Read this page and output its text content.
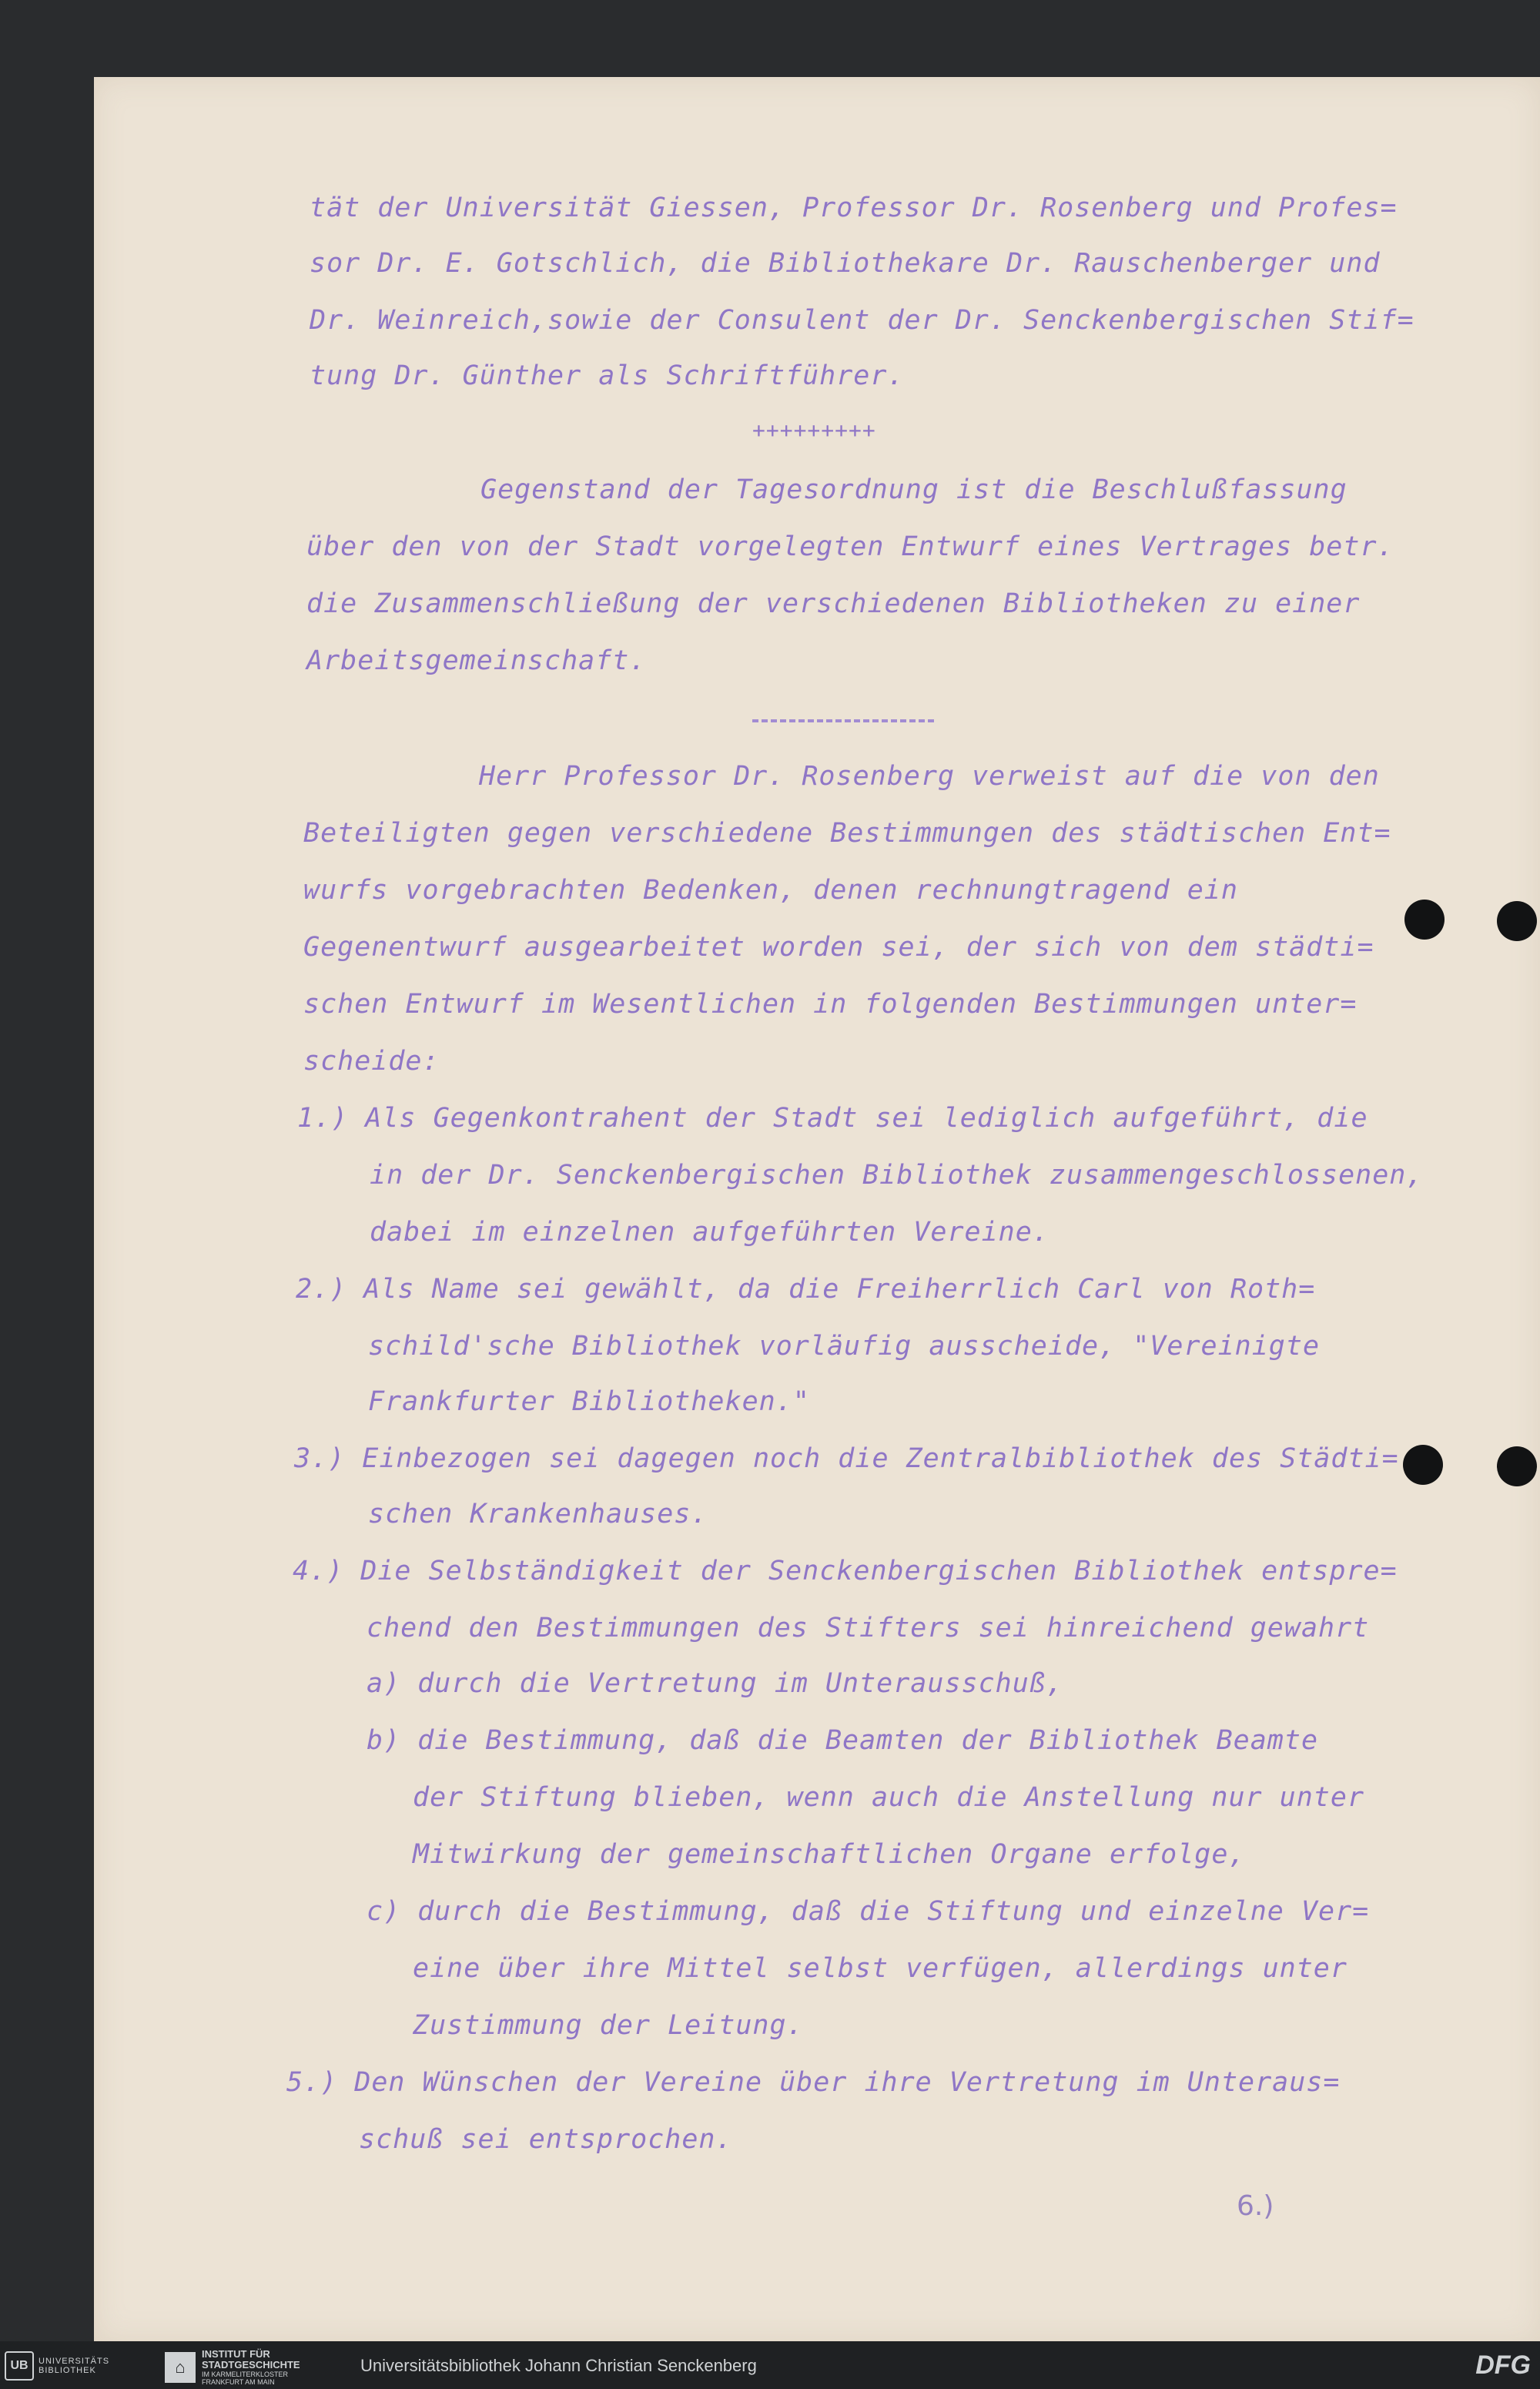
tät der Universität Giessen, Professor Dr. Rosenberg und Profes=
sor Dr. E. Gotschlich, die Bibliothekare Dr. Rauschenberger und
Dr. Weinreich,sowie der Consulent der Dr. Senckenbergischen Stif=
tung Dr. Günther als Schriftführer.
+++++++++
Gegenstand der Tagesordnung ist die Beschlußfassung
über den von der Stadt vorgelegten Entwurf eines Vertrages betr.
die Zusammenschließung der verschiedenen Bibliotheken zu einer
Arbeitsgemeinschaft.
Herr Professor Dr. Rosenberg verweist auf die von den
Beteiligten gegen verschiedene Bestimmungen des städtischen Ent=
wurfs vorgebrachten Bedenken, denen rechnungtragend ein
Gegenentwurf ausgearbeitet worden sei, der sich von dem städti=
schen Entwurf im Wesentlichen in folgenden Bestimmungen unter=
scheide:
1.) Als Gegenkontrahent der Stadt sei lediglich aufgeführt, die
in der Dr. Senckenbergischen Bibliothek zusammengeschlossenen,
dabei im einzelnen aufgeführten Vereine.
2.) Als Name sei gewählt, da die Freiherrlich Carl von Roth=
schild'sche Bibliothek vorläufig ausscheide, "Vereinigte
Frankfurter Bibliotheken."
3.) Einbezogen sei dagegen noch die Zentralbibliothek des Städti=
schen Krankenhauses.
4.) Die Selbständigkeit der Senckenbergischen Bibliothek entspre=
chend den Bestimmungen des Stifters sei hinreichend gewahrt
a) durch die Vertretung im Unterausschuß,
b) die Bestimmung, daß die Beamten der Bibliothek Beamte
der Stiftung blieben, wenn auch die Anstellung nur unter
Mitwirkung der gemeinschaftlichen Organe erfolge,
c) durch die Bestimmung, daß die Stiftung und einzelne Ver=
eine über ihre Mittel selbst verfügen, allerdings unter
Zustimmung der Leitung.
5.) Den Wünschen der Vereine über ihre Vertretung im Unteraus=
schuß sei entsprochen.
6.)
UB	UNIVERSITÄTS
BIBLIOTHEK	⌂
INSTITUT FÜR
STADTGESCHICHTE
IM KARMELITERKLOSTER
FRANKFURT AM MAIN
Universitätsbibliothek Johann Christian Senckenberg	DFG
